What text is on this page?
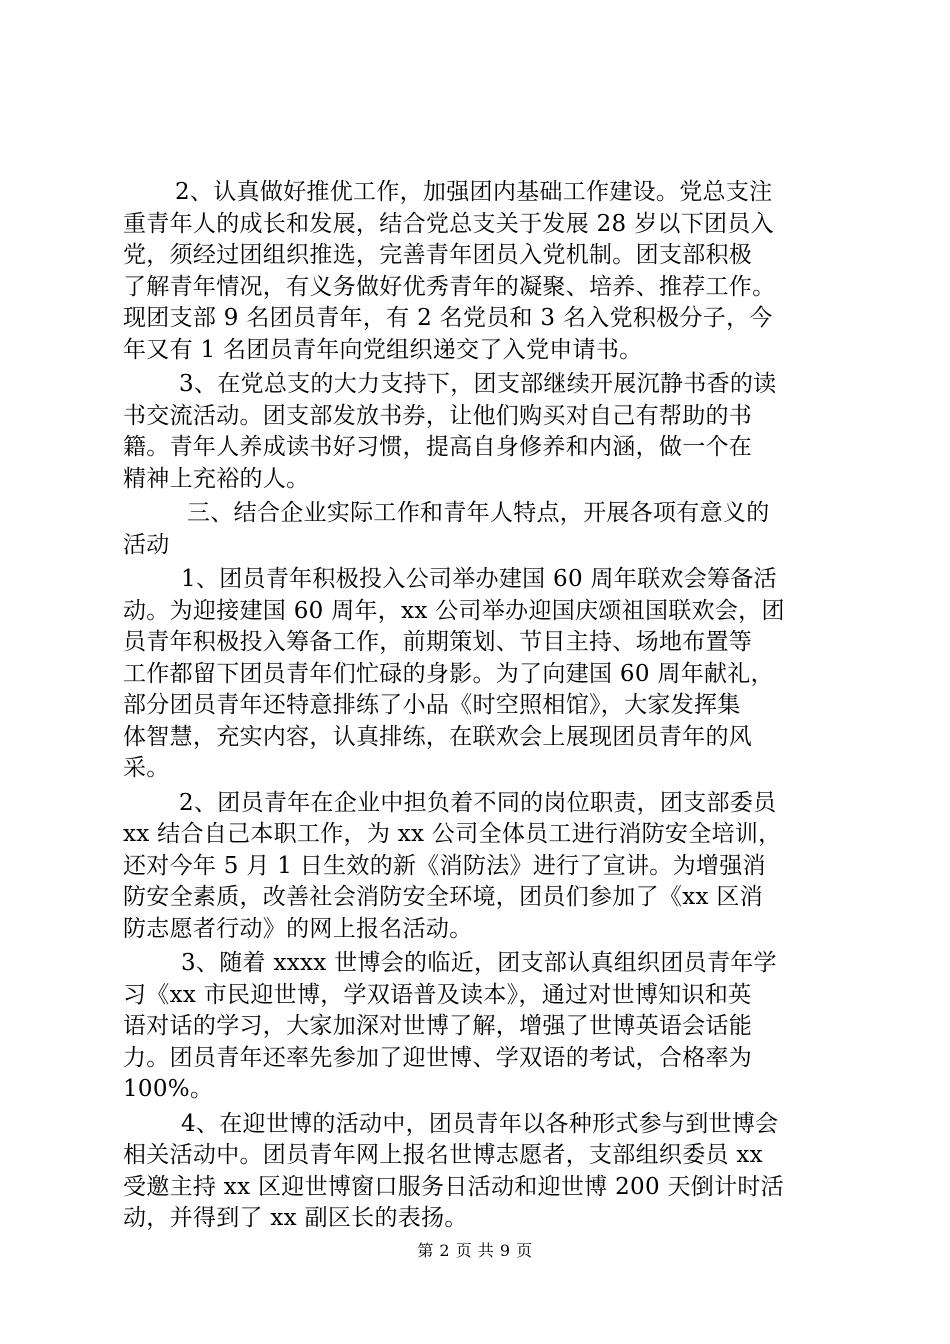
2、认真做好推优工作，加强团内基础工作建设。党总支注
重青年人的成长和发展，结合党总支关于发展 28 岁以下团员入
党，须经过团组织推选，完善青年团员入党机制。团支部积极
了解青年情况，有义务做好优秀青年的凝聚、培养、推荐工作。
现团支部 9 名团员青年，有 2 名党员和 3 名入党积极分子，今
年又有 1 名团员青年向党组织递交了入党申请书。
3、在党总支的大力支持下，团支部继续开展沉静书香的读
书交流活动。团支部发放书券，让他们购买对自己有帮助的书
籍。青年人养成读书好习惯，提高自身修养和内涵，做一个在
精神上充裕的人。
三、结合企业实际工作和青年人特点，开展各项有意义的
活动
1、团员青年积极投入公司举办建国 60 周年联欢会筹备活
动。为迎接建国 60 周年，xx 公司举办迎国庆颂祖国联欢会，团
员青年积极投入筹备工作，前期策划、节目主持、场地布置等
工作都留下团员青年们忙碌的身影。为了向建国 60 周年献礼，
部分团员青年还特意排练了小品《时空照相馆》，大家发挥集
体智慧，充实内容，认真排练，在联欢会上展现团员青年的风
采。
2、团员青年在企业中担负着不同的岗位职责，团支部委员
xx 结合自己本职工作，为 xx 公司全体员工进行消防安全培训，
还对今年 5 月 1 日生效的新《消防法》进行了宣讲。为增强消
防安全素质，改善社会消防安全环境，团员们参加了《xx 区消
防志愿者行动》的网上报名活动。
3、随着 xxxx 世博会的临近，团支部认真组织团员青年学
习《xx 市民迎世博，学双语普及读本》，通过对世博知识和英
语对话的学习，大家加深对世博了解，增强了世博英语会话能
力。团员青年还率先参加了迎世博、学双语的考试，合格率为
100%。
4、在迎世博的活动中，团员青年以各种形式参与到世博会
相关活动中。团员青年网上报名世博志愿者，支部组织委员 xx
受邀主持 xx 区迎世博窗口服务日活动和迎世博 200 天倒计时活
动，并得到了 xx 副区长的表扬。
第 2 页 共 9 页
